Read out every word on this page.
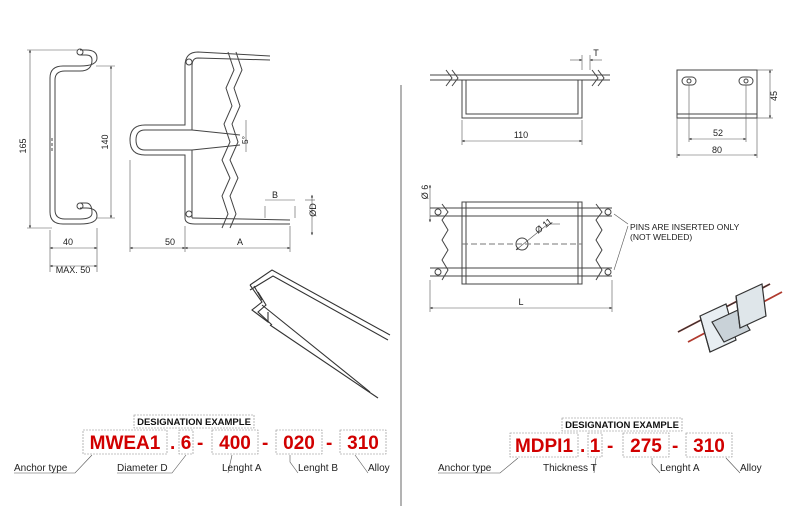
165	140
40
MAX. 50
50	A
B
ØD
5°
DESIGNATION EXAMPLE
MWEA1 . 6 - 400 - 020 - 310
Anchor type	Diameter D	Lenght A	Lenght B	Alloy
T
110
45
52
80
Ø 6
Ø 11
L
PINS ARE INSERTED ONLY
(NOT WELDED)
DESIGNATION EXAMPLE
MDPI1 . 1 - 275 - 310
Anchor type	Thickness T	Lenght A	Alloy
